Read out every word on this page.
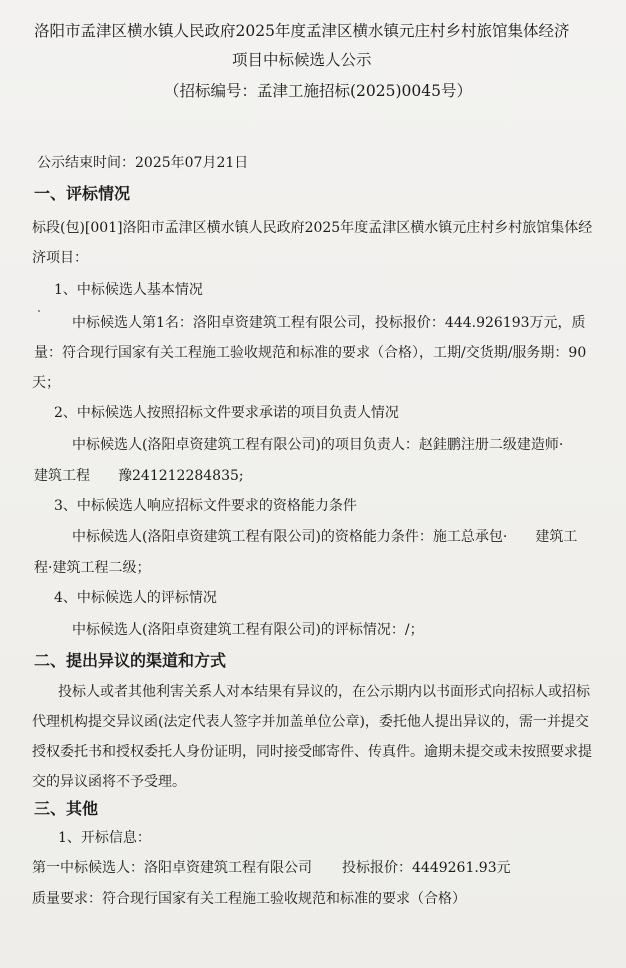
洛阳市孟津区横水镇人民政府2025年度孟津区横水镇元庄村乡村旅馆集体经济
项目中标候选人公示
（招标编号：孟津工施招标(2025)0045号）
公示结束时间：2025年07月21日
一、评标情况
标段(包)[001]洛阳市孟津区横水镇人民政府2025年度孟津区横水镇元庄村乡村旅馆集体经
济项目：
1、中标候选人基本情况
中标候选人第1名：洛阳卓资建筑工程有限公司，投标报价：444.926193万元，质
量：符合现行国家有关工程施工验收规范和标准的要求（合格），工期/交货期/服务期：90
天；
2、中标候选人按照招标文件要求承诺的项目负责人情况
中标候选人(洛阳卓资建筑工程有限公司)的项目负责人：赵銈鹏注册二级建造师·
建筑工程　　豫241212284835;
3、中标候选人响应招标文件要求的资格能力条件
中标候选人(洛阳卓资建筑工程有限公司)的资格能力条件：施工总承包·　　建筑工
程·建筑工程二级；
4、中标候选人的评标情况
中标候选人(洛阳卓资建筑工程有限公司)的评标情况：/；
二、提出异议的渠道和方式
投标人或者其他利害关系人对本结果有异议的，在公示期内以书面形式向招标人或招标
代理机构提交异议函(法定代表人签字并加盖单位公章)，委托他人提出异议的，需一并提交
授权委托书和授权委托人身份证明，同时接受邮寄件、传真件。逾期未提交或未按照要求提
交的异议函将不予受理。
三、其他
1、开标信息：
第一中标候选人：洛阳卓资建筑工程有限公司 投标报价：4449261.93元
质量要求：符合现行国家有关工程施工验收规范和标准的要求（合格）
